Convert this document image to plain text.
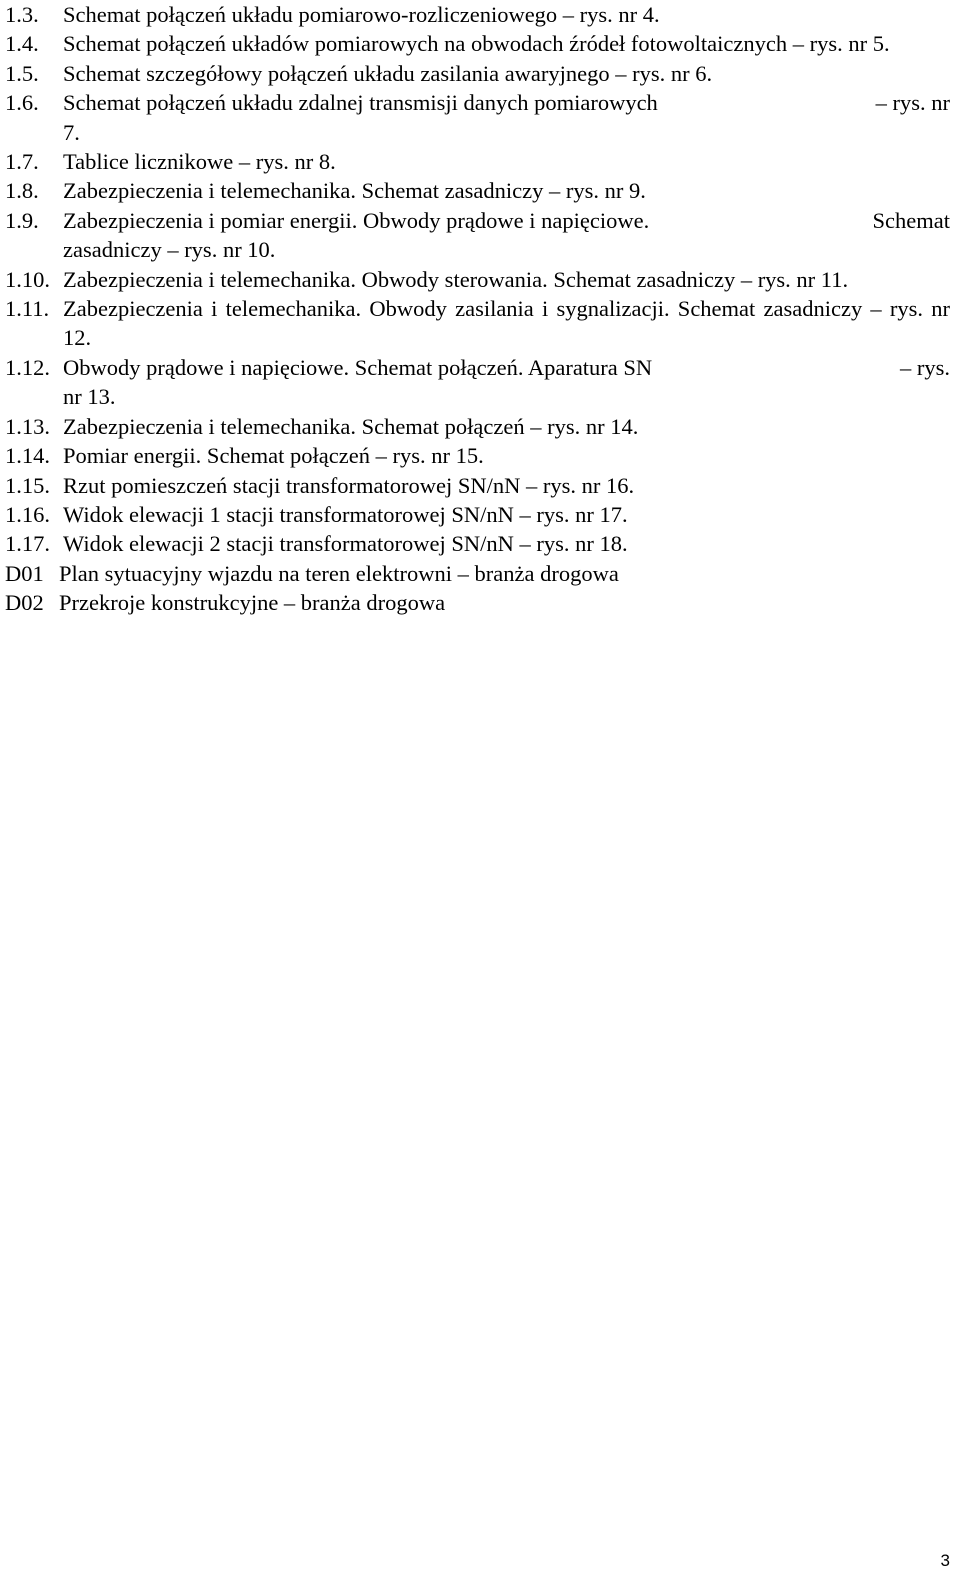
1.3.	Schemat połączeń układu pomiarowo-rozliczeniowego – rys. nr 4.
1.4.	Schemat połączeń układów pomiarowych na obwodach źródeł fotowoltaicznych – rys. nr 5.
1.5.	Schemat szczegółowy połączeń układu zasilania awaryjnego – rys. nr 6.
1.6.	Schemat połączeń układu zdalnej transmisji danych pomiarowych	– rys. nr
7.
1.7.	Tablice licznikowe – rys. nr 8.
1.8.	Zabezpieczenia i telemechanika. Schemat zasadniczy – rys. nr 9.
1.9.	Zabezpieczenia i pomiar energii. Obwody prądowe i napięciowe.	Schemat
zasadniczy – rys. nr 10.
1.10. Zabezpieczenia i telemechanika. Obwody sterowania. Schemat zasadniczy – rys. nr 11.
1.11. Zabezpieczenia i telemechanika. Obwody zasilania i sygnalizacji. Schemat zasadniczy – rys. nr 12.
1.12. Obwody prądowe i napięciowe. Schemat połączeń. Aparatura SN	– rys.
nr 13.
1.13. Zabezpieczenia i telemechanika. Schemat połączeń – rys. nr 14.
1.14. Pomiar energii. Schemat połączeń – rys. nr 15.
1.15. Rzut pomieszczeń stacji transformatorowej SN/nN – rys. nr 16.
1.16. Widok elewacji 1 stacji transformatorowej SN/nN – rys. nr 17.
1.17. Widok elewacji 2 stacji transformatorowej SN/nN – rys. nr 18.
D01 Plan sytuacyjny wjazdu na teren elektrowni – branża drogowa
D02 Przekroje konstrukcyjne – branża drogowa
3
